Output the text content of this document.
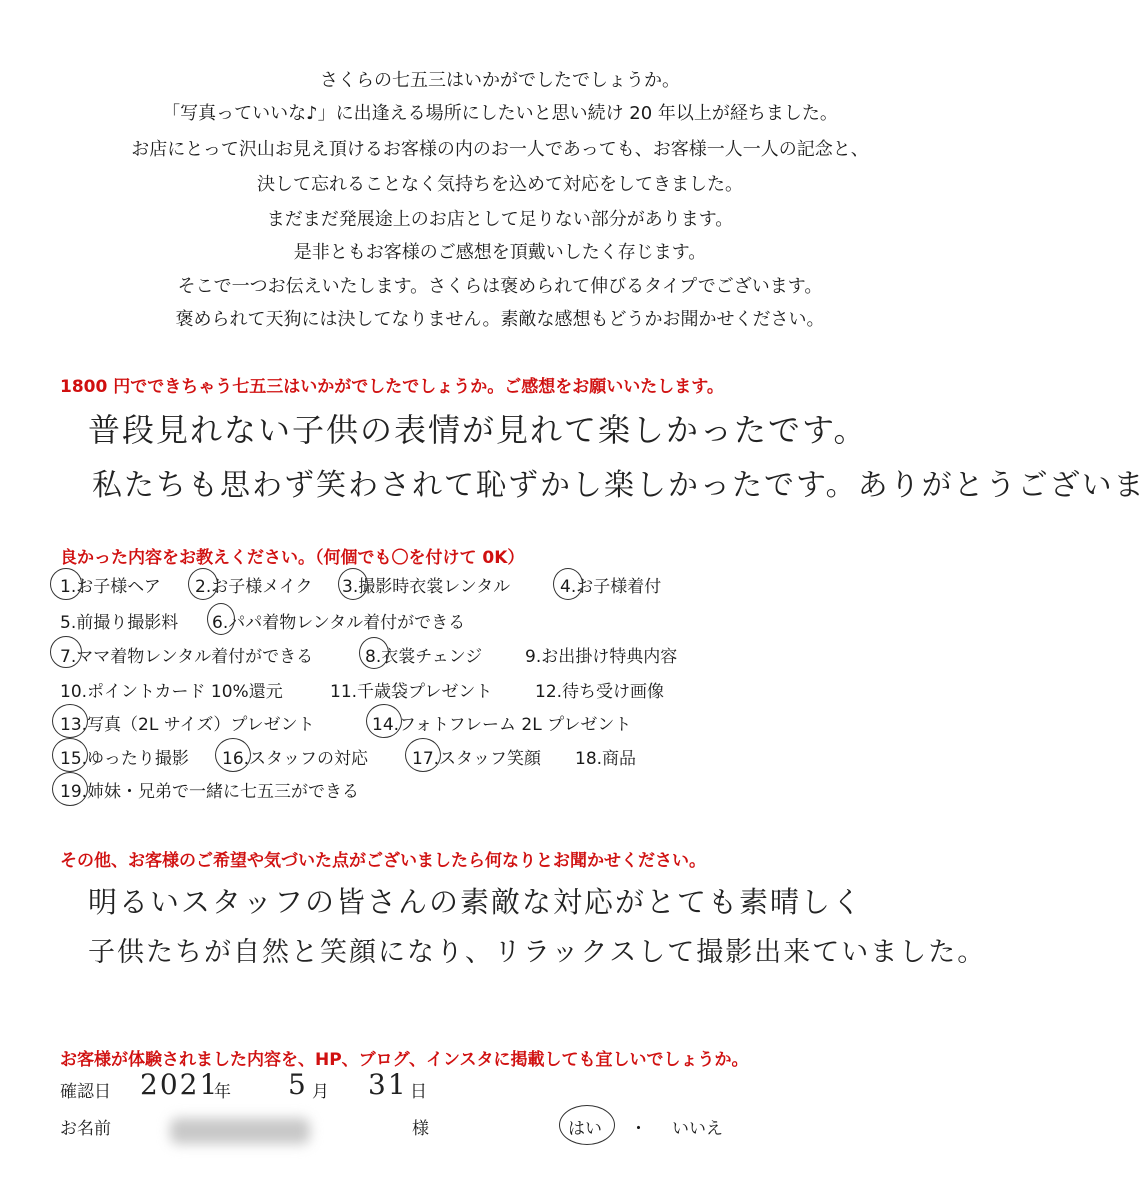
さくらの七五三はいかがでしたでしょうか。
「写真っていいな♪」に出逢える場所にしたいと思い続け 20 年以上が経ちました。
お店にとって沢山お見え頂けるお客様の内のお一人であっても、お客様一人一人の記念と、
決して忘れることなく気持ちを込めて対応をしてきました。
まだまだ発展途上のお店として足りない部分があります。
是非ともお客様のご感想を頂戴いしたく存じます。
そこで一つお伝えいたします。さくらは褒められて伸びるタイプでございます。
褒められて天狗には決してなりません。素敵な感想もどうかお聞かせください。
1800 円でできちゃう七五三はいかがでしたでしょうか。ご感想をお願いいたします。
普段見れない子供の表情が見れて楽しかったです。
私たちも思わず笑わされて恥ずかし楽しかったです。ありがとうございま
良かった内容をお教えください。（何個でも〇を付けて 0K）
1.お子様ヘア 2.お子様メイク 3.撮影時衣裳レンタル	4.お子様着付
5.前撮り撮影料 6.パパ着物レンタル着付ができる
7.ママ着物レンタル着付ができる	8.衣裳チェンジ	9.お出掛け特典内容
10.ポイントカード 10%還元	11.千歳袋プレゼント	12.待ち受け画像
13.写真（2L サイズ）プレゼント	14.フォトフレーム 2L プレゼント
15.ゆったり撮影 16.スタッフの対応	17.スタッフ笑顔 18.商品
19.姉妹・兄弟で一緒に七五三ができる
その他、お客様のご希望や気づいた点がございましたら何なりとお聞かせください。
明るいスタッフの皆さんの素敵な対応がとても素晴しく
子供たちが自然と笑顔になり、リラックスして撮影出来ていました。
お客様が体験されました内容を、HP、ブログ、インスタに掲載しても宜しいでしょうか。
確認日 2021
年 5 月 31 日
お名前	様	はい ・ いいえ
